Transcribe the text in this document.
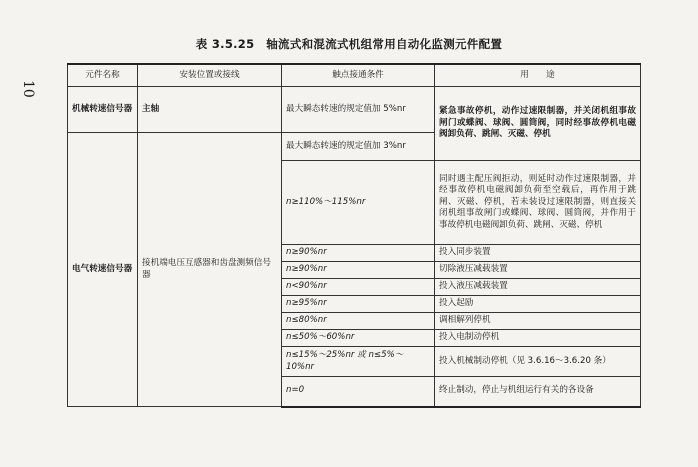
10
表 3.5.25　轴流式和混流式机组常用自动化监测元件配置
元件名称	安装位置或接线	触点接通条件	用　　途
机械转速信号器	主轴	最大瞬态转速的规定值加 5%nr	紧急事故停机，动作过速限制器，并关闭机组事故闸门或蝶阀、球阀、圆筒阀，同时经事故停机电磁阀卸负荷、跳闸、灭磁、停机
电气转速信号器	接机端电压互感器和齿盘测频信号器	最大瞬态转速的规定值加 3%nr	
		n≥110%～115%nr	同时遇主配压阀拒动，则延时动作过速限制器，并经事故停机电磁阀卸负荷至空载后，再作用于跳闸、灭磁、停机，若未装设过速限制器，则直接关闭机组事故闸门或蝶阀、球阀、圆筒阀，并作用于事故停机电磁阀卸负荷、跳闸、灭磁、停机
		n≥90%nr	投入同步装置
		n≥90%nr	切除液压减载装置
		n<90%nr	投入液压减载装置
		n≥95%nr	投入起励
		n≤80%nr	调相解列停机
		n≤50%～60%nr	投入电制动停机
		n≤15%～25%nr 或 n≤5%～10%nr	投入机械制动停机（见 3.6.16～3.6.20 条）
		n=0	终止制动，停止与机组运行有关的各设备
